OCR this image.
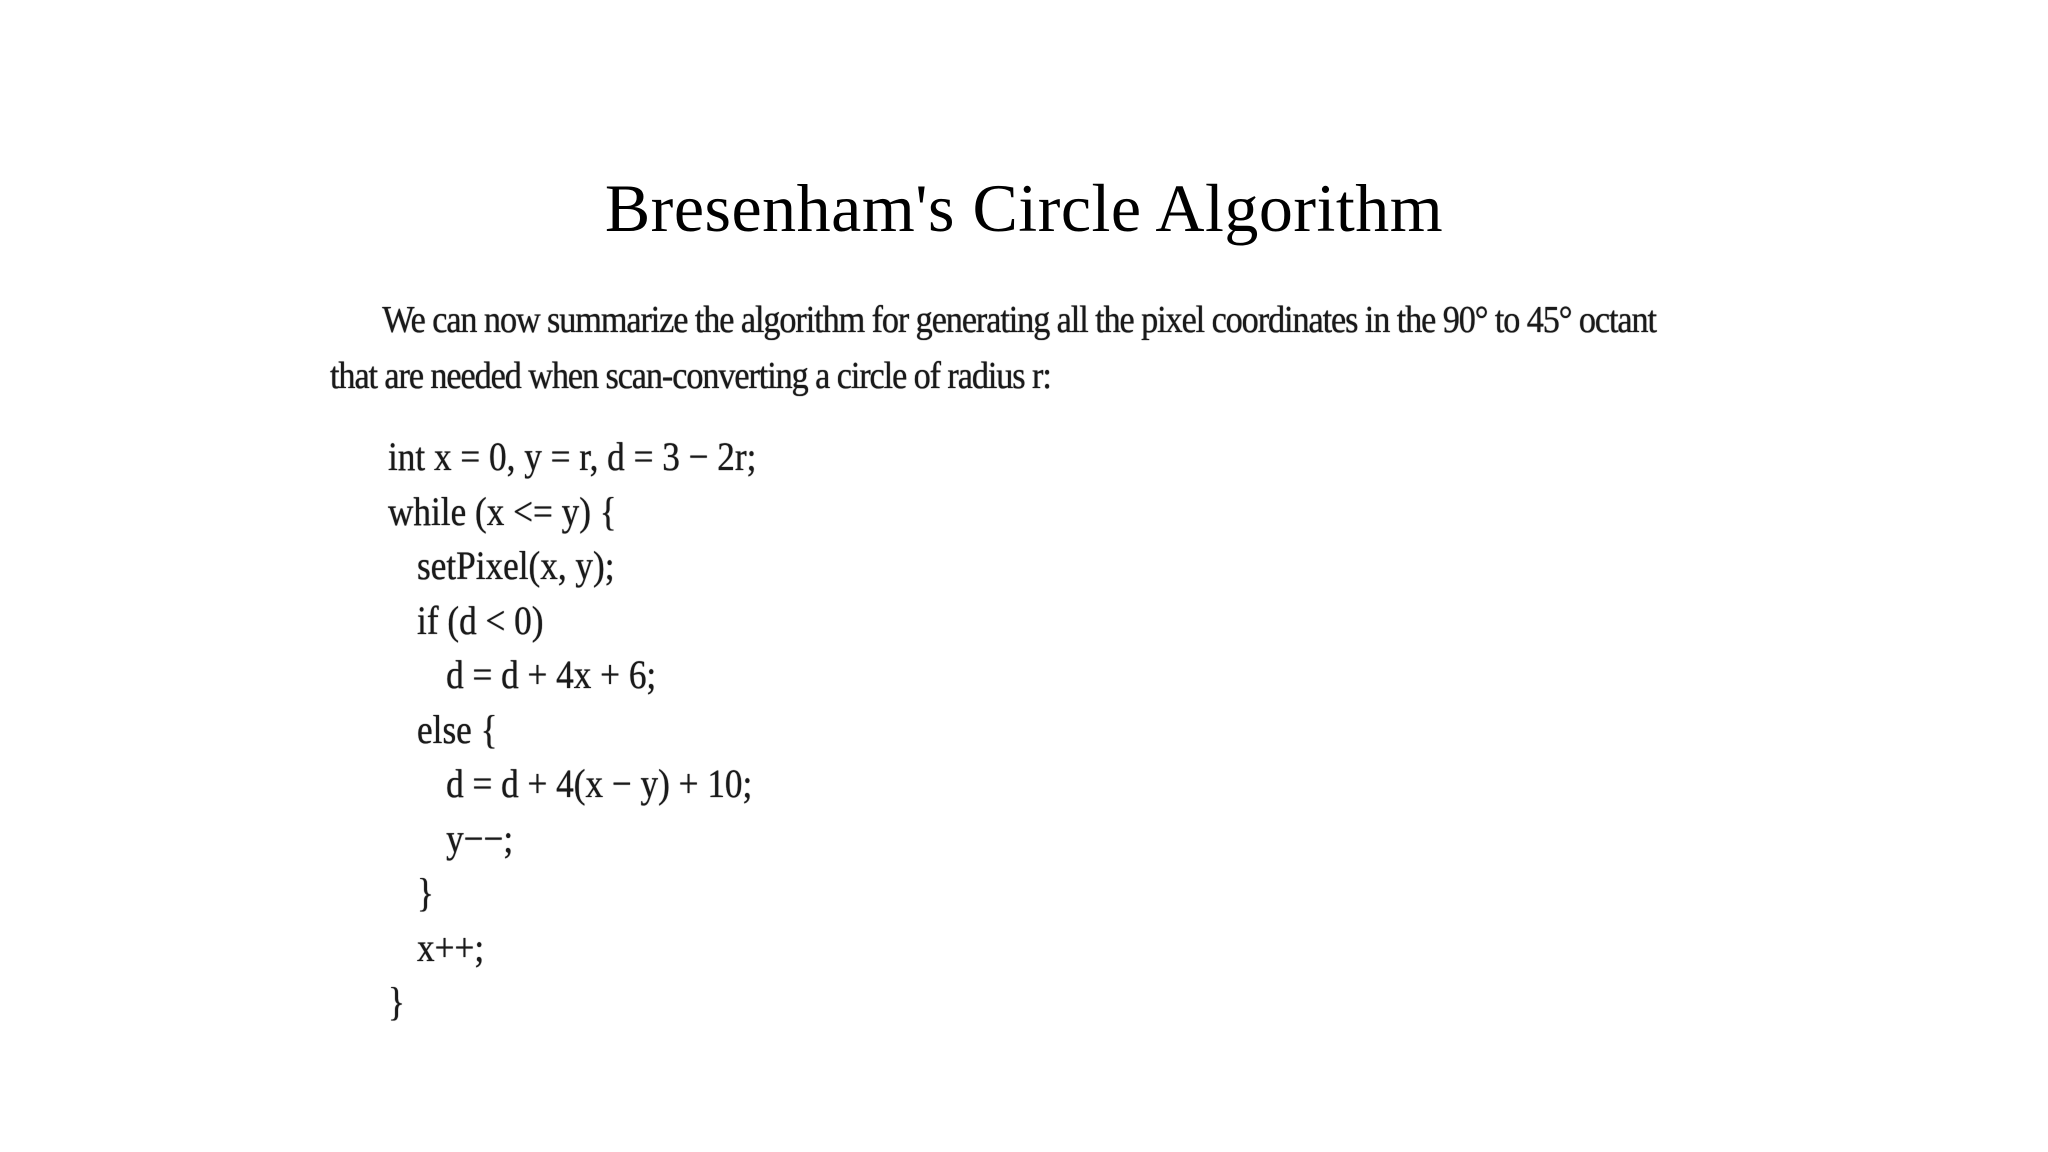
Bresenham's Circle Algorithm

We can now summarize the algorithm for generating all the pixel coordinates in the 90° to 45° octant
that are needed when scan-converting a circle of radius r:

int x = 0, y = r, d = 3 − 2r;
while (x <= y) {
setPixel(x, y);
if (d < 0)
d = d + 4x + 6;
else {
d = d + 4(x − y) + 10;
y−−;
}
x++;
}
